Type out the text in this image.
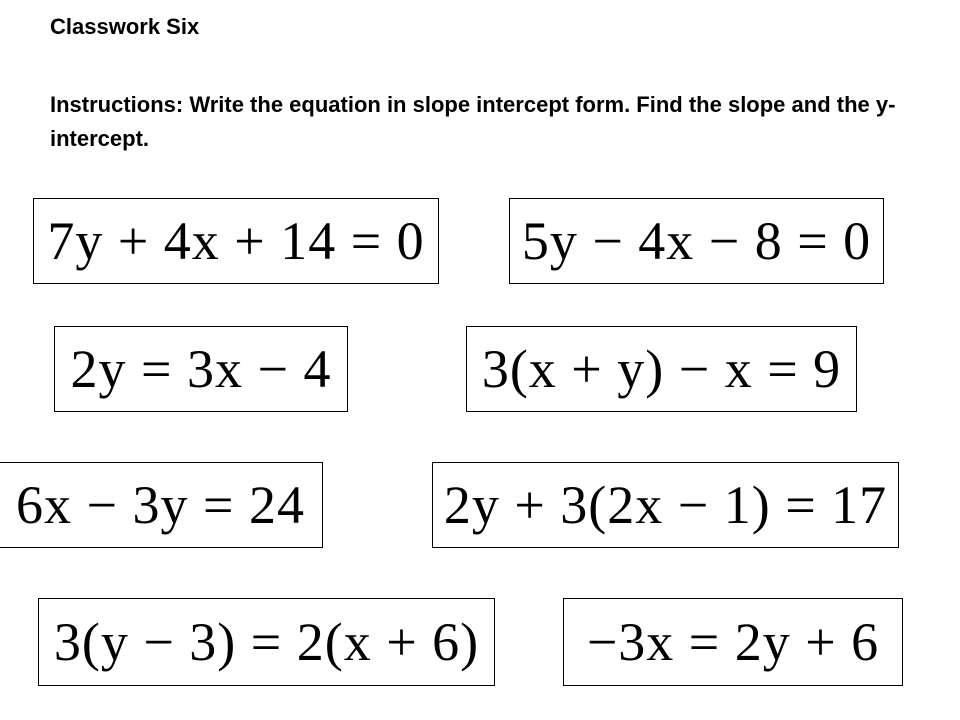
Classwork Six
Instructions: Write the equation in slope intercept form. Find the slope and the y-intercept.
7y + 4x + 14 = 0 5y − 4x − 8 = 0
2y = 3x − 4	3(x + y) − x = 9
6x − 3y = 24	2y + 3(2x − 1) = 17
3(y − 3) = 2(x + 6) −3x = 2y + 6
